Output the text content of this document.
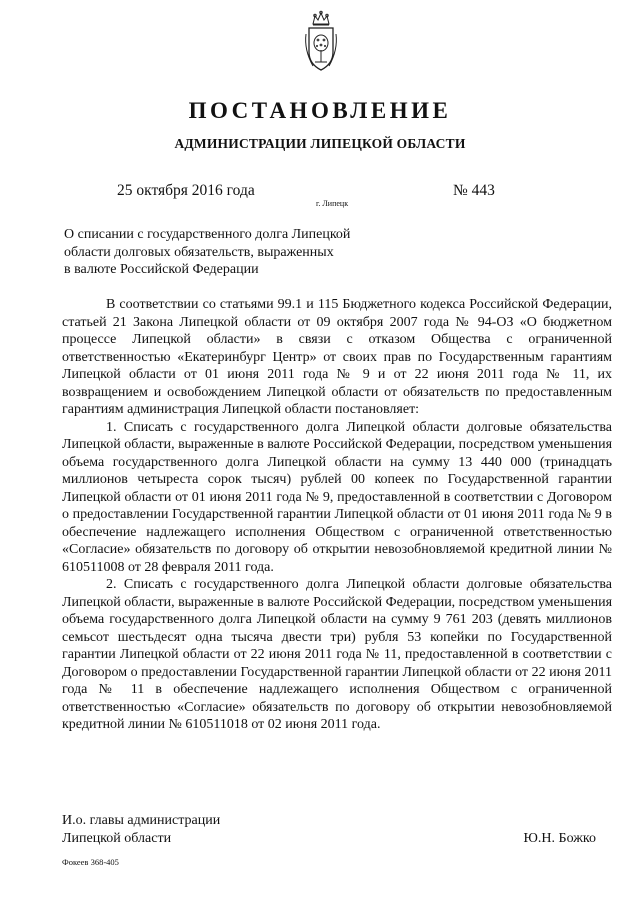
ПОСТАНОВЛЕНИЕ
АДМИНИСТРАЦИИ ЛИПЕЦКОЙ ОБЛАСТИ
25 октября 2016 года
г. Липецк
№ 443
О списании с государственного долга Липецкой
области долговых обязательств, выраженных
в валюте Российской Федерации

В соответствии со статьями 99.1 и 115 Бюджетного кодекса Российской Федерации, статьей 21 Закона Липецкой области от 09 октября 2007 года № 94-ОЗ «О бюджетном процессе Липецкой области» в связи с отказом Общества с ограниченной ответственностью «Екатеринбург Центр» от своих прав по Государственным гарантиям Липецкой области от 01 июня 2011 года № 9 и от 22 июня 2011 года № 11, их возвращением и освобождением Липецкой области от обязательств по предоставленным гарантиям администрация Липецкой области постановляет:

1. Списать с государственного долга Липецкой области долговые обязательства Липецкой области, выраженные в валюте Российской Федерации, посредством уменьшения объема государственного долга Липецкой области на сумму 13 440 000 (тринадцать миллионов четыреста сорок тысяч) рублей 00 копеек по Государственной гарантии Липецкой области от 01 июня 2011 года № 9, предоставленной в соответствии с Договором о предоставлении Государственной гарантии Липецкой области от 01 июня 2011 года № 9 в обеспечение надлежащего исполнения Обществом с ограниченной ответственностью «Согласие» обязательств по договору об открытии невозобновляемой кредитной линии № 610511008 от 28 февраля 2011 года.

2. Списать с государственного долга Липецкой области долговые обязательства Липецкой области, выраженные в валюте Российской Федерации, посредством уменьшения объема государственного долга Липецкой области на сумму 9 761 203 (девять миллионов семьсот шестьдесят одна тысяча двести три) рубля 53 копейки по Государственной гарантии Липецкой области от 22 июня 2011 года № 11, предоставленной в соответствии с Договором о предоставлении Государственной гарантии Липецкой области от 22 июня 2011 года № 11 в обеспечение надлежащего исполнения Обществом с ограниченной ответственностью «Согласие» обязательств по договору об открытии невозобновляемой кредитной линии № 610511018 от 02 июня 2011 года.

И.о. главы администрации
Липецкой области	Ю.Н. Божко
Фокеев 368-405
